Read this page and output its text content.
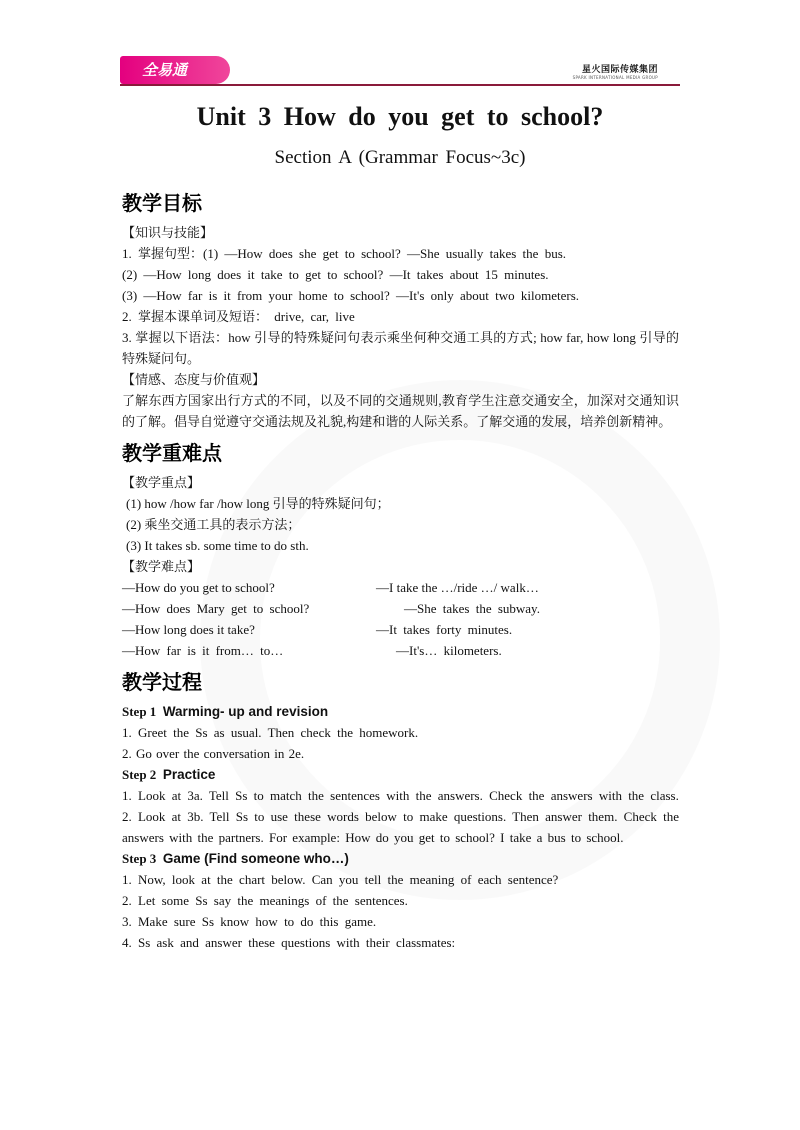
全易通	星火国际传媒集团
SPARK INTERNATIONAL MEDIA GROUP
Unit 3 How do you get to school?
Section A (Grammar Focus~3c)
教学目标

【知识与技能】

1. 掌握句型：(1) —How does she get to school? —She usually takes the bus.

(2) —How long does it take to get to school? —It takes about 15 minutes.

(3) —How far is it from your home to school? —It's only about two kilometers.

2. 掌握本课单词及短语： drive, car, live

3. 掌握以下语法：how 引导的特殊疑问句表示乘坐何种交通工具的方式; how far, how long 引导的特殊疑问句。

【情感、态度与价值观】

了解东西方国家出行方式的不同，以及不同的交通规则,教育学生注意交通安全，加深对交通知识的了解。倡导自觉遵守交通法规及礼貌,构建和谐的人际关系。了解交通的发展，培养创新精神。

教学重难点

【教学重点】

(1) how /how far /how long 引导的特殊疑问句；

(2) 乘坐交通工具的表示方法；

(3) It takes sb. some time to do sth.

【教学难点】

—How do you get to school?	—I take the …/ride …/ walk…
—How does Mary get to school?	—She takes the subway.
—How long does it take?	—It takes forty minutes.
—How far is it from… to…	—It's… kilometers.
教学过程

Step 1 Warming- up and revision

1. Greet the Ss as usual. Then check the homework.

2. Go over the conversation in 2e.

Step 2 Practice

1. Look at 3a. Tell Ss to match the sentences with the answers. Check the answers with the class.

2. Look at 3b. Tell Ss to use these words below to make questions. Then answer them. Check the answers with the partners. For example: How do you get to school? I take a bus to school.

Step 3 Game (Find someone who…)

1. Now, look at the chart below. Can you tell the meaning of each sentence?

2. Let some Ss say the meanings of the sentences.

3. Make sure Ss know how to do this game.

4. Ss ask and answer these questions with their classmates:
